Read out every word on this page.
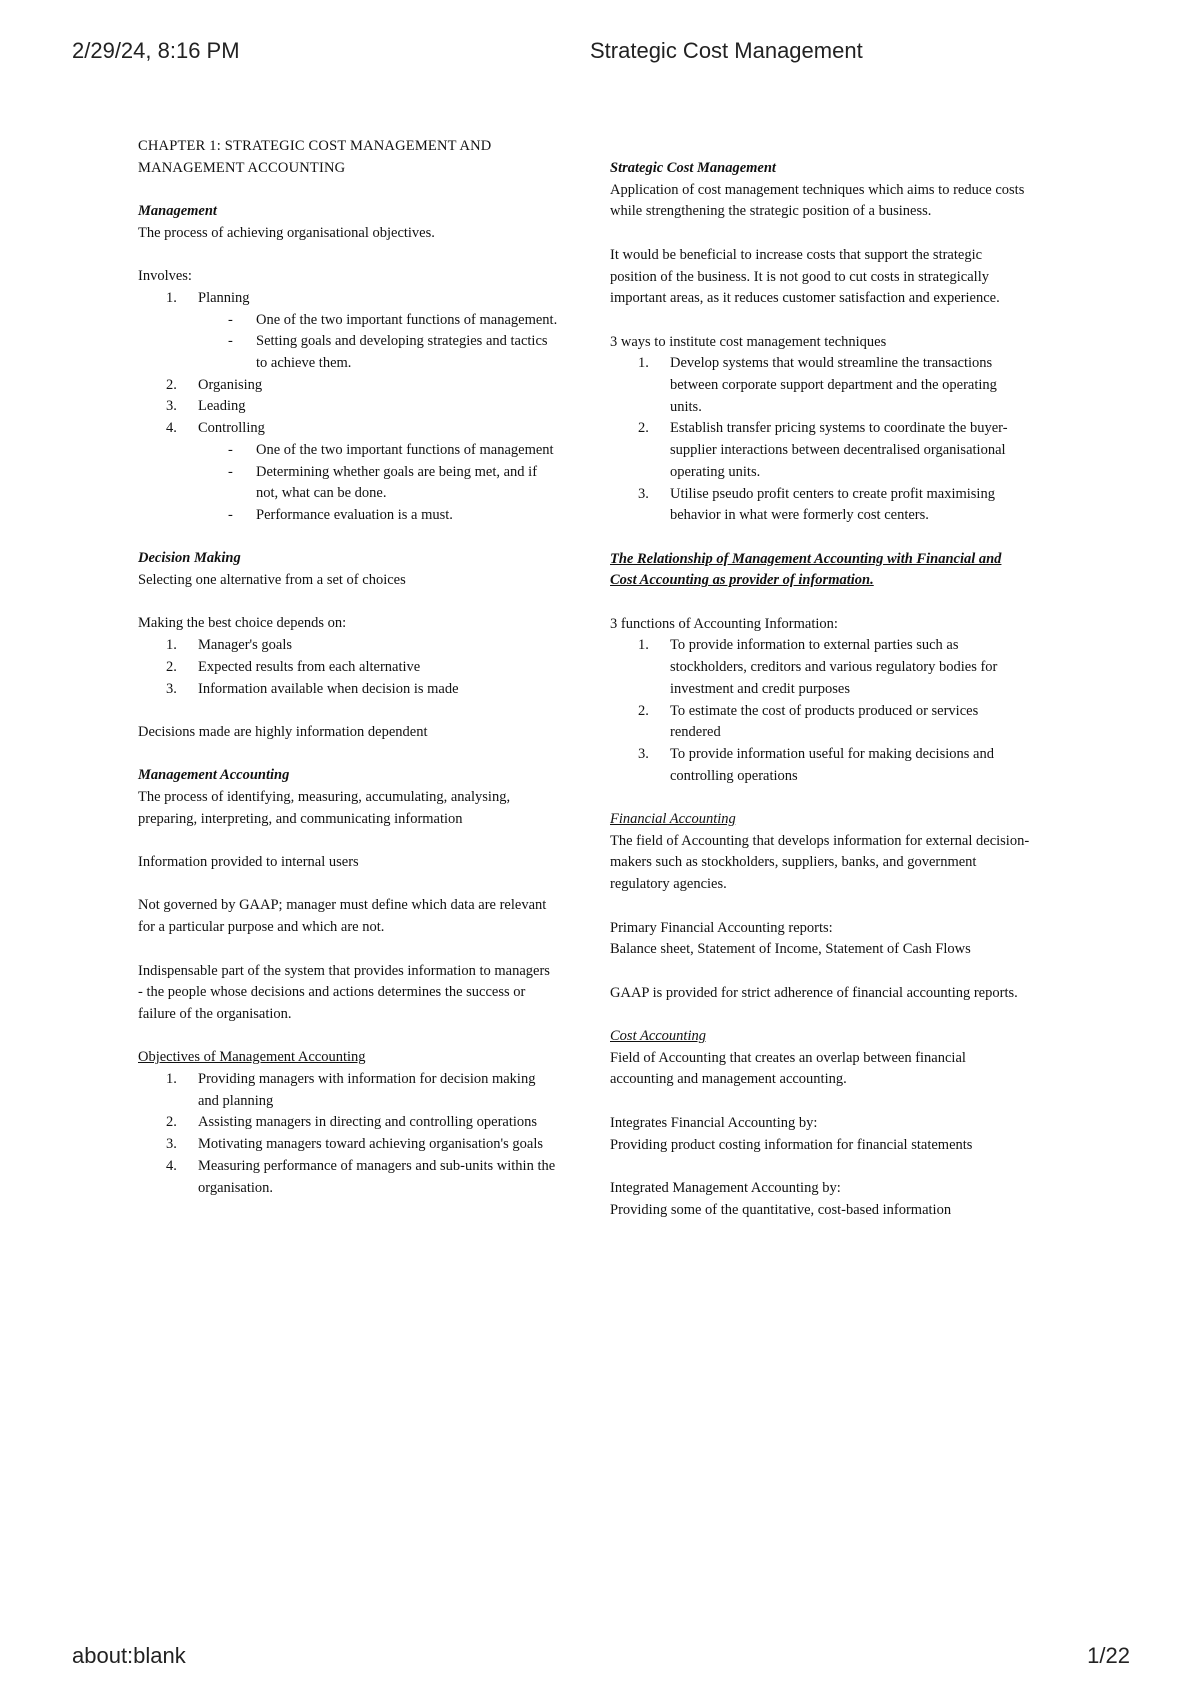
2/29/24, 8:16 PM	Strategic Cost Management

CHAPTER 1: STRATEGIC COST MANAGEMENT AND MANAGEMENT ACCOUNTING

Management

The process of achieving organisational objectives.

Involves:

1.	Planning
- One of the two important functions of management.
- Setting goals and developing strategies and tactics to achieve them.
2.	Organising
3.	Leading
4.	Controlling
- One of the two important functions of management
- Determining whether goals are being met, and if not, what can be done.
- Performance evaluation is a must.

Decision Making

Selecting one alternative from a set of choices

Making the best choice depends on:

1.	Manager's goals
2.	Expected results from each alternative
3.	Information available when decision is made

Decisions made are highly information dependent

Management Accounting

The process of identifying, measuring, accumulating, analysing, preparing, interpreting, and communicating information

Information provided to internal users

Not governed by GAAP; manager must define which data are relevant for a particular purpose and which are not.

Indispensable part of the system that provides information to managers - the people whose decisions and actions determines the success or failure of the organisation.

Objectives of Management Accounting

1.	Providing managers with information for decision making and planning
2.	Assisting managers in directing and controlling operations
3.	Motivating managers toward achieving organisation's goals
4.	Measuring performance of managers and sub-units within the organisation.

Strategic Cost Management

Application of cost management techniques which aims to reduce costs while strengthening the strategic position of a business.

It would be beneficial to increase costs that support the strategic position of the business. It is not good to cut costs in strategically important areas, as it reduces customer satisfaction and experience.

3 ways to institute cost management techniques

1.	Develop systems that would streamline the transactions between corporate support department and the operating units.
2.	Establish transfer pricing systems to coordinate the buyer-supplier interactions between decentralised organisational operating units.
3.	Utilise pseudo profit centers to create profit maximising behavior in what were formerly cost centers.

The Relationship of Management Accounting with Financial and Cost Accounting as provider of information.

3 functions of Accounting Information:

1.	To provide information to external parties such as stockholders, creditors and various regulatory bodies for investment and credit purposes
2.	To estimate the cost of products produced or services rendered
3.	To provide information useful for making decisions and controlling operations

Financial Accounting

The field of Accounting that develops information for external decision-makers such as stockholders, suppliers, banks, and government regulatory agencies.

Primary Financial Accounting reports:

Balance sheet, Statement of Income, Statement of Cash Flows

GAAP is provided for strict adherence of financial accounting reports.

Cost Accounting

Field of Accounting that creates an overlap between financial accounting and management accounting.

Integrates Financial Accounting by:

Providing product costing information for financial statements

Integrated Management Accounting by:

Providing some of the quantitative, cost-based information

about:blank	1/22
